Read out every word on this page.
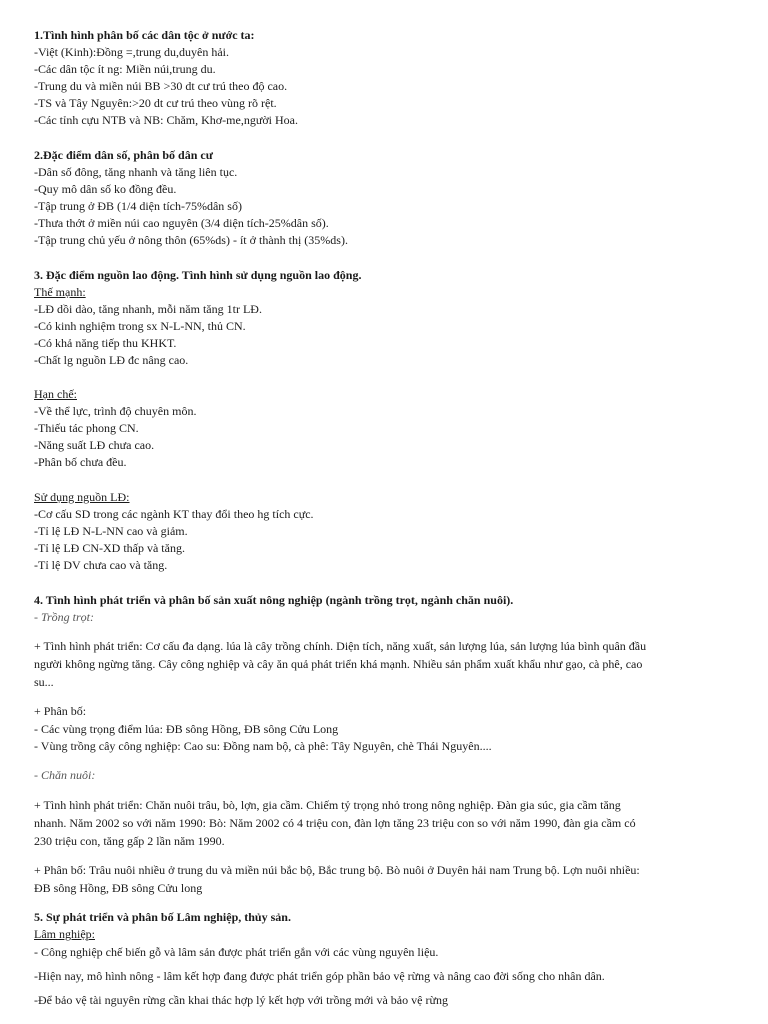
1.Tình hình phân bố các dân tộc ở nước ta:
-Việt (Kinh):Đồng =,trung du,duyên hải.
-Các dân tộc ít ng: Miền núi,trung du.
-Trung du và miền núi BB >30 dt cư trú theo độ cao.
-TS và Tây Nguyên:>20 dt cư trú theo vùng rõ rệt.
-Các tỉnh cựu NTB và NB: Chăm, Khơ-me,người Hoa.
2.Đặc điểm dân số, phân bố dân cư
-Dân số đông, tăng nhanh và tăng liên tục.
-Quy mô dân số ko đồng đều.
-Tập trung ở ĐB (1/4 diện tích-75%dân số)
-Thưa thớt ở miền núi cao nguyên (3/4 diện tích-25%dân số).
-Tập trung chủ yếu ở nông thôn (65%ds) - ít ở thành thị (35%ds).
3. Đặc điểm nguồn lao động. Tình hình sử dụng nguồn lao động.
Thế mạnh:
-LĐ dồi dào, tăng nhanh, mỗi năm tăng 1tr LĐ.
-Có kinh nghiệm trong sx N-L-NN, thủ CN.
-Có khả năng tiếp thu KHKT.
-Chất lg nguồn LĐ đc nâng cao.
Hạn chế:
-Về thể lực, trình độ chuyên môn.
-Thiếu tác phong CN.
-Năng suất LĐ chưa cao.
-Phân bố chưa đều.
Sử dụng nguồn LĐ:
-Cơ cấu SD trong các ngành KT thay đổi theo hg tích cực.
-Tỉ lệ LĐ N-L-NN cao và giảm.
-Tỉ lệ LĐ CN-XD thấp và tăng.
-Tỉ lệ DV chưa cao và tăng.
4. Tình hình phát triển và phân bố sản xuất nông nghiệp (ngành trồng trọt, ngành chăn nuôi).
- Trồng trọt:
+ Tình hình phát triển: Cơ cấu đa dạng. lúa là cây trồng chính. Diện tích, năng xuất, sản lượng lúa, sản lượng lúa bình quân đầu
người không ngừng tăng. Cây công nghiệp và cây ăn quả phát triển khá mạnh. Nhiều sản phẩm xuất khẩu như gạo, cà phê, cao
su...
+ Phân bố:
- Các vùng trọng điểm lúa: ĐB sông Hồng, ĐB sông Cửu Long
- Vùng trồng cây công nghiệp: Cao su: Đồng nam bộ, cà phê: Tây Nguyên, chè Thái Nguyên....
- Chăn nuôi:
+ Tình hình phát triển: Chăn nuôi trâu, bò, lợn, gia cầm. Chiếm tỷ trọng nhỏ trong nông nghiệp. Đàn gia súc, gia cầm tăng
nhanh. Năm 2002 so với năm 1990: Bò: Năm 2002 có 4 triệu con, đàn lợn tăng 23 triệu con so với năm 1990, đàn gia cầm có
230 triệu con, tăng gấp 2 lần năm 1990.
+ Phân bố: Trâu nuôi nhiều ở trung du và miền núi bắc bộ, Bắc trung bộ. Bò nuôi ở Duyên hải nam Trung bộ. Lợn nuôi nhiều:
ĐB sông Hồng, ĐB sông Cửu long
5. Sự phát triển và phân bố Lâm nghiệp, thủy sản.
Lâm nghiệp:
- Công nghiệp chế biến gỗ và lâm sản được phát triển gắn với các vùng nguyên liệu.
-Hiện nay, mô hình nông - lâm kết hợp đang được phát triển góp phần bảo vệ rừng và nâng cao đời sống cho nhân dân.
-Để bảo vệ tài nguyên rừng cần khai thác hợp lý kết hợp với trồng mới và bảo vệ rừng
